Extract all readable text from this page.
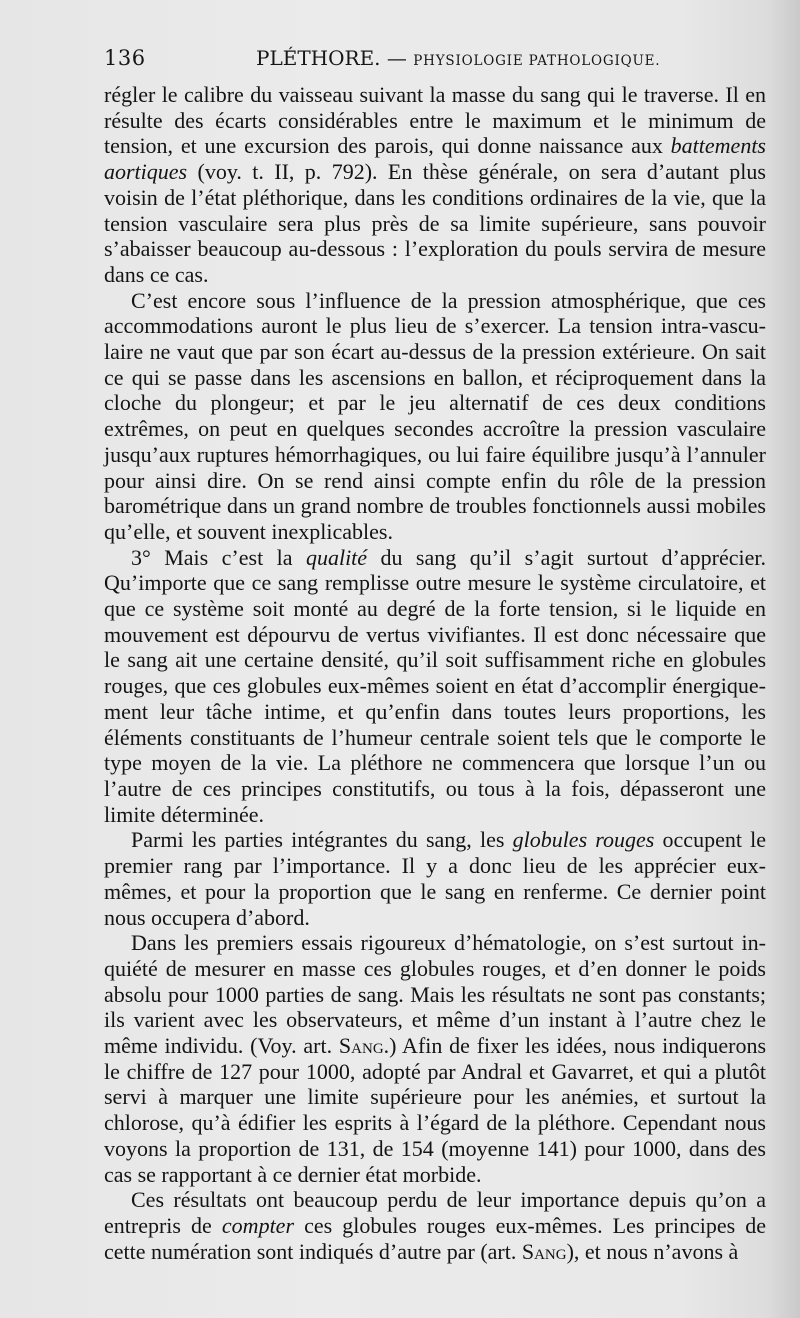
136	PLÉTHORE. — PHYSIOLOGIE PATHOLOGIQUE.

régler le calibre du vaisseau suivant la masse du sang qui le traverse. Il en résulte des écarts considérables entre le maximum et le minimum de tension, et une excursion des parois, qui donne naissance aux battements aortiques (voy. t. II, p. 792). En thèse générale, on sera d’autant plus voisin de l’état pléthorique, dans les conditions ordinaires de la vie, que la tension vasculaire sera plus près de sa limite supérieure, sans pouvoir s’abaisser beaucoup au-dessous : l’exploration du pouls servira de mesure dans ce cas.

C’est encore sous l’influence de la pression atmosphérique, que ces accommodations auront le plus lieu de s’exercer. La tension intra-vasculaire ne vaut que par son écart au-dessus de la pression extérieure. On sait ce qui se passe dans les ascensions en ballon, et réciproquement dans la cloche du plongeur; et par le jeu alternatif de ces deux conditions extrêmes, on peut en quelques secondes accroître la pression vasculaire jusqu’aux ruptures hémorrhagiques, ou lui faire équilibre jusqu’à l’annuler pour ainsi dire. On se rend ainsi compte enfin du rôle de la pression barométrique dans un grand nombre de troubles fonctionnels aussi mobiles qu’elle, et souvent inexplicables.

3° Mais c’est la qualité du sang qu’il s’agit surtout d’apprécier. Qu’importe que ce sang remplisse outre mesure le système circulatoire, et que ce système soit monté au degré de la forte tension, si le liquide en mouvement est dépourvu de vertus vivifiantes. Il est donc nécessaire que le sang ait une certaine densité, qu’il soit suffisamment riche en globules rouges, que ces globules eux-mêmes soient en état d’accomplir énergiquement leur tâche intime, et qu’enfin dans toutes leurs proportions, les éléments constituants de l’humeur centrale soient tels que le comporte le type moyen de la vie. La pléthore ne commencera que lorsque l’un ou l’autre de ces principes constitutifs, ou tous à la fois, dépasseront une limite déterminée.

Parmi les parties intégrantes du sang, les globules rouges occupent le premier rang par l’importance. Il y a donc lieu de les apprécier eux-mêmes, et pour la proportion que le sang en renferme. Ce dernier point nous occupera d’abord.

Dans les premiers essais rigoureux d’hématologie, on s’est surtout inquiété de mesurer en masse ces globules rouges, et d’en donner le poids absolu pour 1000 parties de sang. Mais les résultats ne sont pas constants; ils varient avec les observateurs, et même d’un instant à l’autre chez le même individu. (Voy. art. Sang.) Afin de fixer les idées, nous indiquerons le chiffre de 127 pour 1000, adopté par Andral et Gavarret, et qui a plutôt servi à marquer une limite supérieure pour les anémies, et surtout la chlorose, qu’à édifier les esprits à l’égard de la pléthore. Cependant nous voyons la proportion de 131, de 154 (moyenne 141) pour 1000, dans des cas se rapportant à ce dernier état morbide.

Ces résultats ont beaucoup perdu de leur importance depuis qu’on a entrepris de compter ces globules rouges eux-mêmes. Les principes de cette numération sont indiqués d’autre par (art. Sang), et nous n’avons à
